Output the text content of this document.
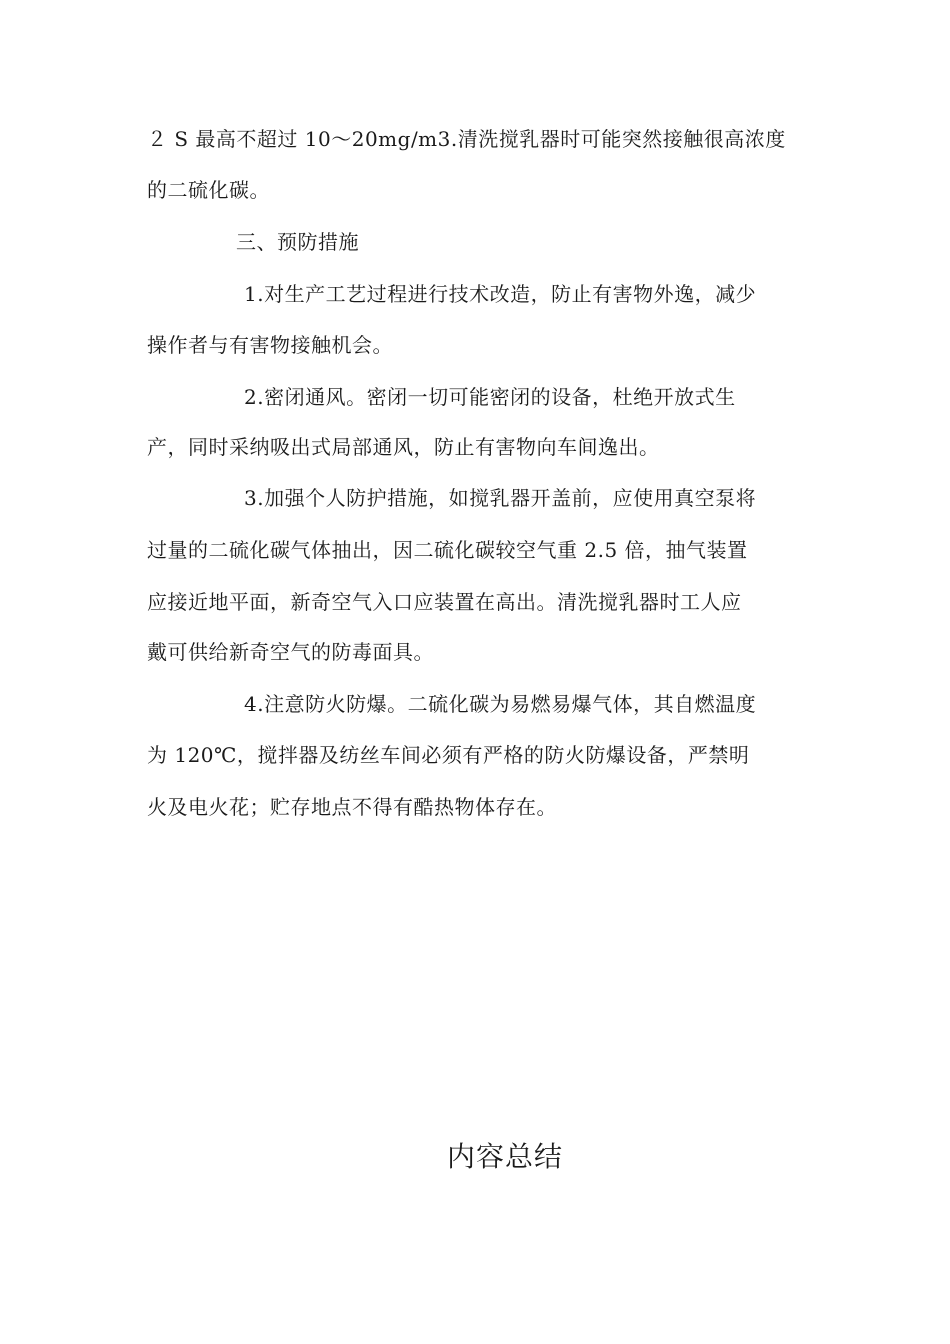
２ S 最高不超过 10～20mg/m3.清洗搅乳器时可能突然接触很高浓度
的二硫化碳。
三、预防措施
1.对生产工艺过程进行技术改造，防止有害物外逸，减少
操作者与有害物接触机会。
2.密闭通风。密闭一切可能密闭的设备，杜绝开放式生
产，同时采纳吸出式局部通风，防止有害物向车间逸出。
3.加强个人防护措施，如搅乳器开盖前，应使用真空泵将
过量的二硫化碳气体抽出，因二硫化碳较空气重 2.5 倍，抽气装置
应接近地平面，新奇空气入口应装置在高出。清洗搅乳器时工人应
戴可供给新奇空气的防毒面具。
4.注意防火防爆。二硫化碳为易燃易爆气体，其自燃温度
为 120℃，搅拌器及纺丝车间必须有严格的防火防爆设备，严禁明
火及电火花；贮存地点不得有酷热物体存在。
内容总结
